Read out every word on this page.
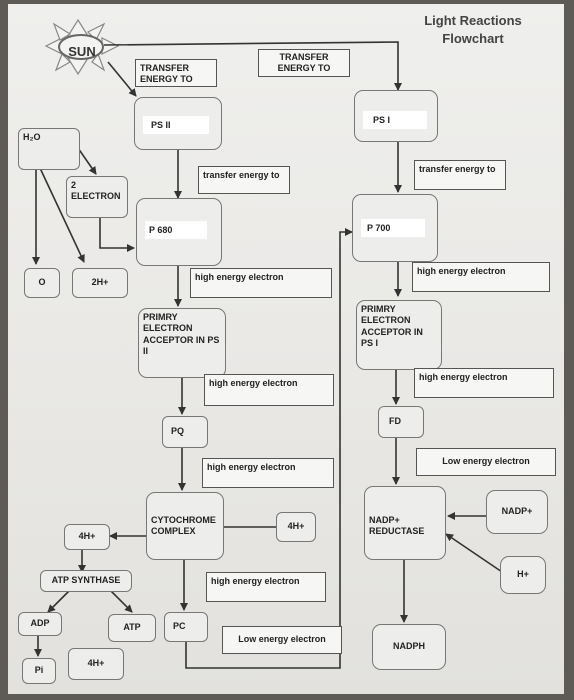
SUN
Light Reactions
Flowchart
TRANSFER ENERGY TO
TRANSFER ENERGY TO
PS II	PS I
H₂O
transfer energy to
transfer energy to
2 ELECTRON
P 680	P 700
O	2H+
high energy electron
high energy electron
PRIMRY ELECTRON ACCEPTOR IN PS II
PRIMRY ELECTRON ACCEPTOR IN PS I
high energy electron
high energy electron
PQ
FD
high energy electron
Low energy electron
CYTOCHROME COMPLEX
4H+
4H+
NADP+ REDUCTASE
NADP+
H+
ATP SYNTHASE	high energy electron
ADP	ATP	PC
Low energy electron
NADPH
Pi
4H+
